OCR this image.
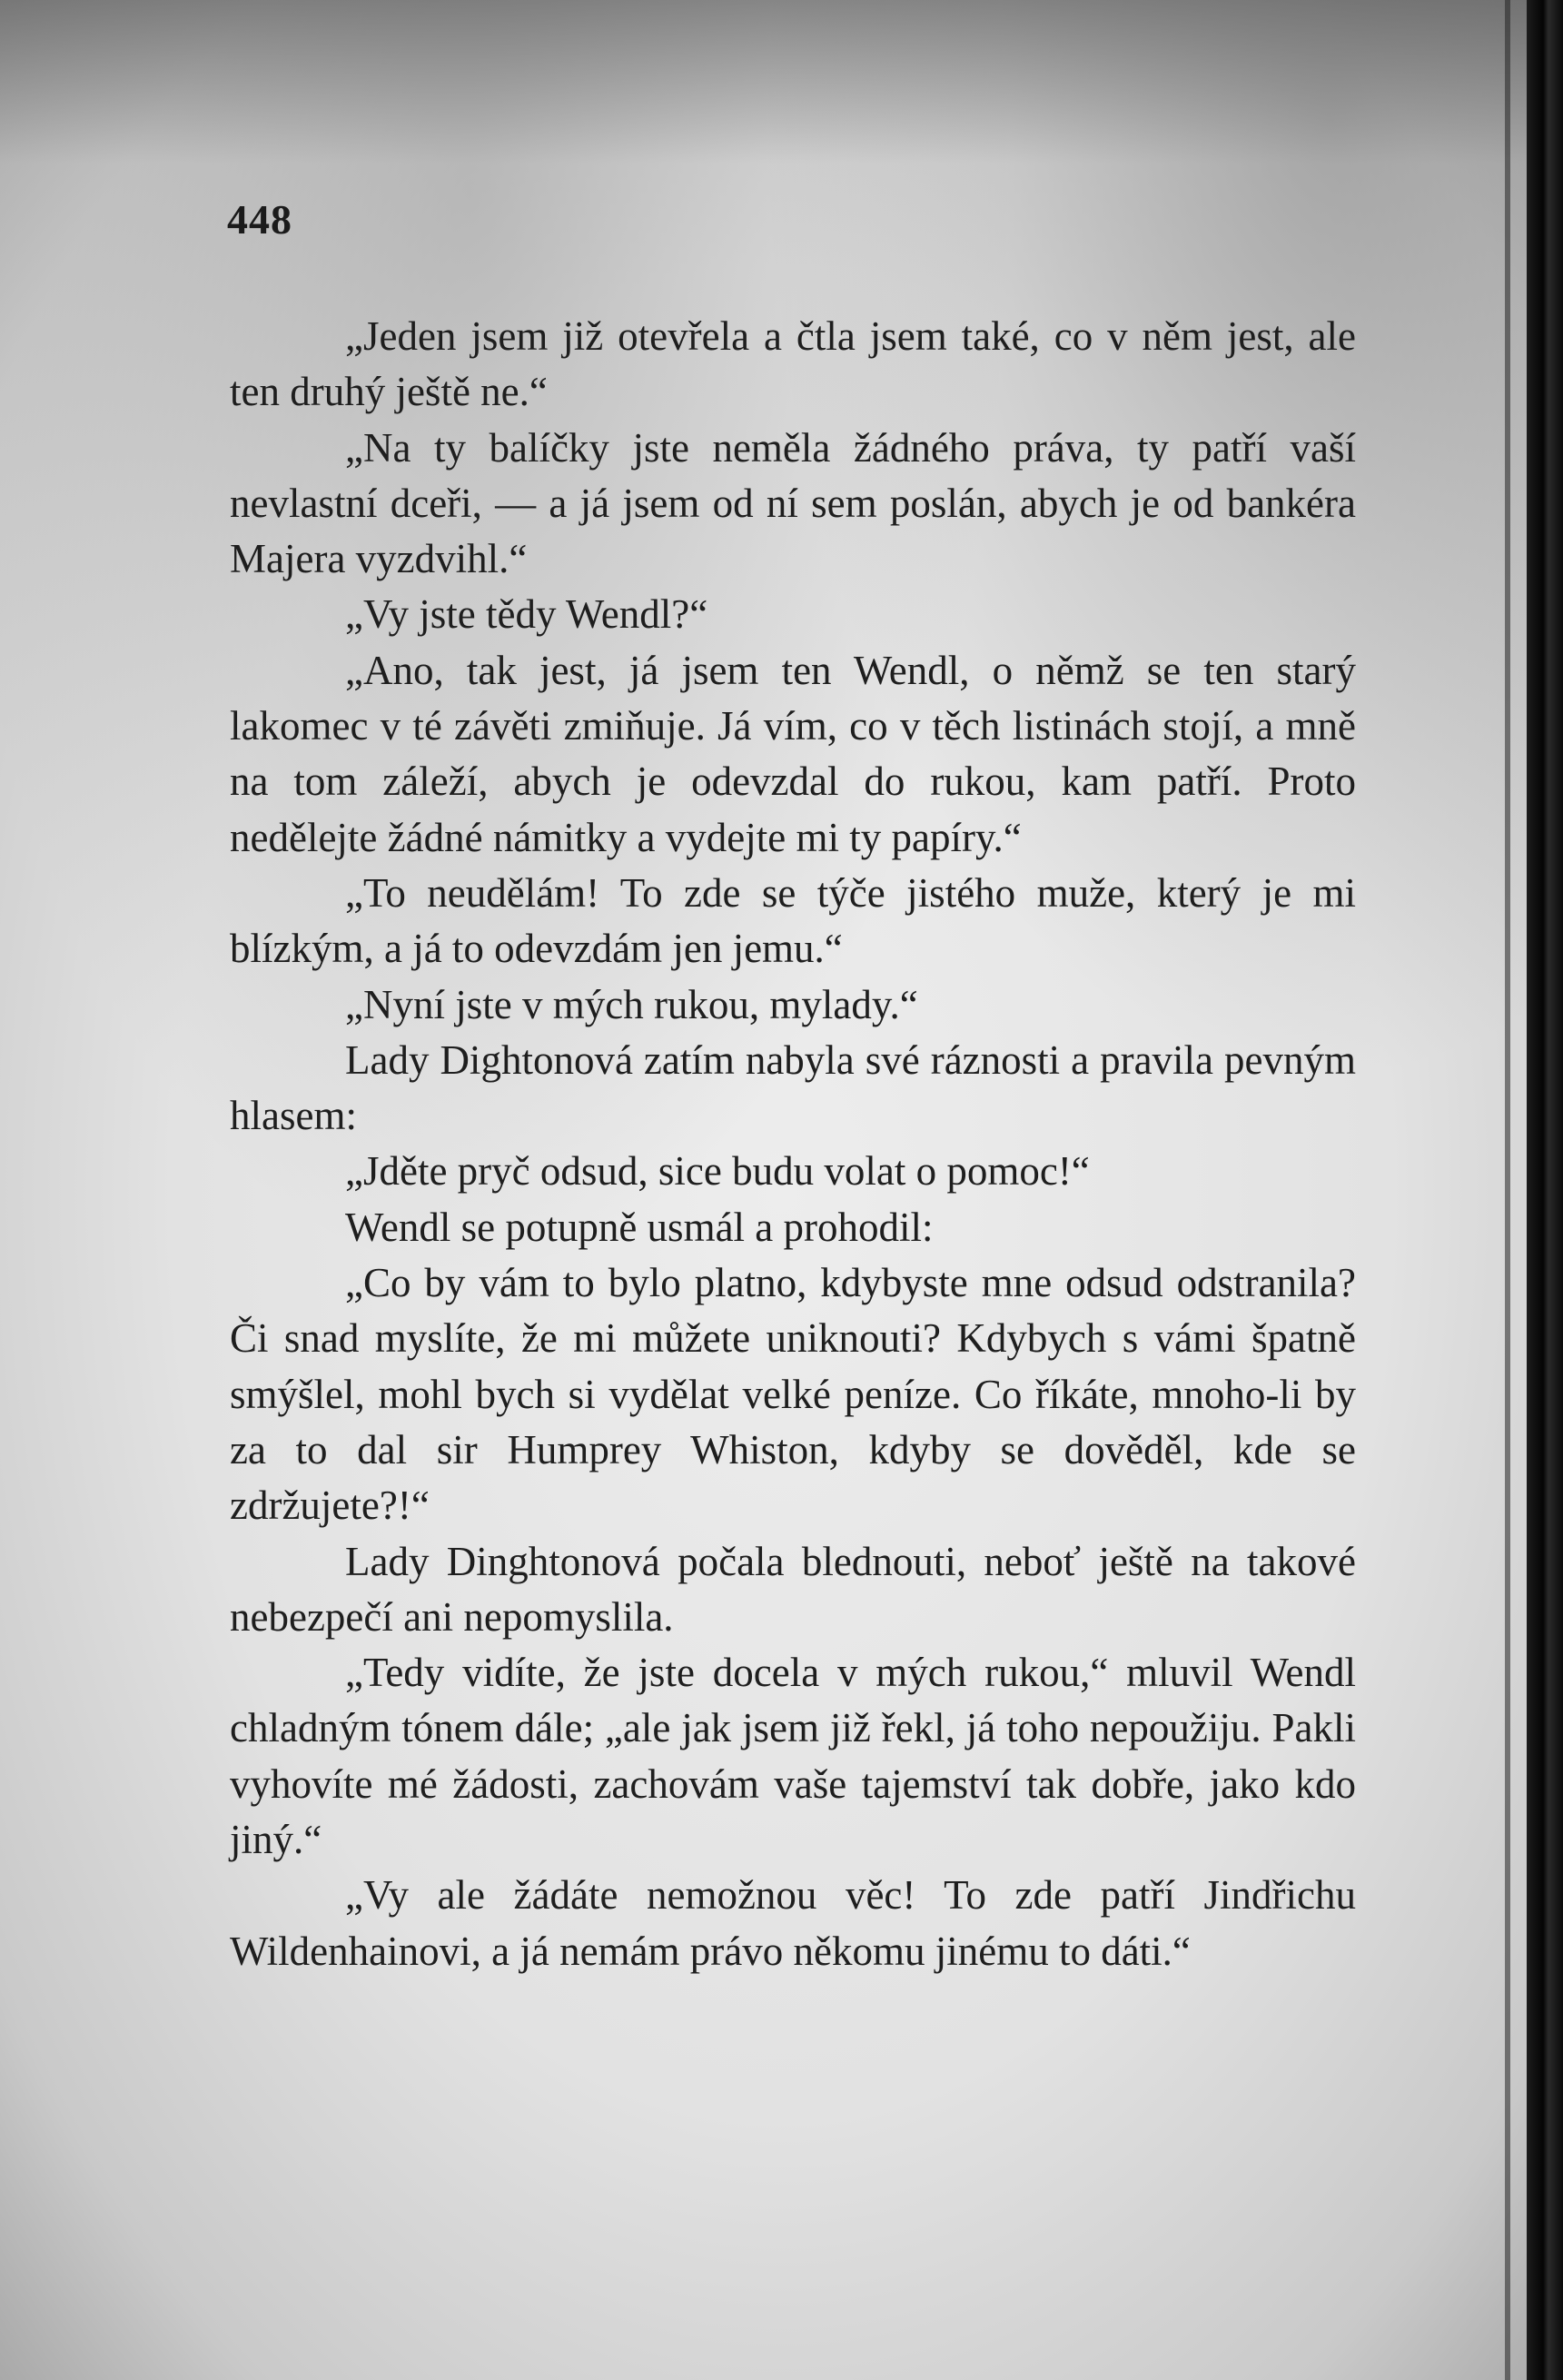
448

„Jeden jsem již otevřela a čtla jsem také, co v něm jest, ale ten druhý ještě ne.“

„Na ty balíčky jste neměla žádného práva, ty patří vaší nevlastní dceři, — a já jsem od ní sem poslán, abych je od bankéra Majera vyzdvihl.“

„Vy jste tědy Wendl?“

„Ano, tak jest, já jsem ten Wendl, o němž se ten starý lakomec v té závěti zmiňuje. Já vím, co v těch listinách stojí, a mně na tom záleží, abych je odevzdal do rukou, kam patří. Proto nedělejte žádné námitky a vydejte mi ty papíry.“

„To neudělám! To zde se týče jistého muže, který je mi blízkým, a já to odevzdám jen jemu.“

„Nyní jste v mých rukou, mylady.“

Lady Dightonová zatím nabyla své ráznosti a pravila pevným hlasem:

„Jděte pryč odsud, sice budu volat o pomoc!“

Wendl se potupně usmál a prohodil:

„Co by vám to bylo platno, kdybyste mne odsud odstranila? Či snad myslíte, že mi můžete uniknouti? Kdybych s vámi špatně smýšlel, mohl bych si vydělat velké peníze. Co říkáte, mnoho-li by za to dal sir Humprey Whiston, kdyby se dověděl, kde se zdržujete?!“

Lady Dinghtonová počala blednouti, neboť ještě na takové nebezpečí ani nepomyslila.

„Tedy vidíte, že jste docela v mých rukou,“ mluvil Wendl chladným tónem dále; „ale jak jsem již řekl, já toho nepoužiju. Pakli vyhovíte mé žádosti, zachovám vaše tajemství tak dobře, jako kdo jiný.“

„Vy ale žádáte nemožnou věc! To zde patří Jindřichu Wildenhainovi, a já nemám právo někomu jinému to dáti.“
